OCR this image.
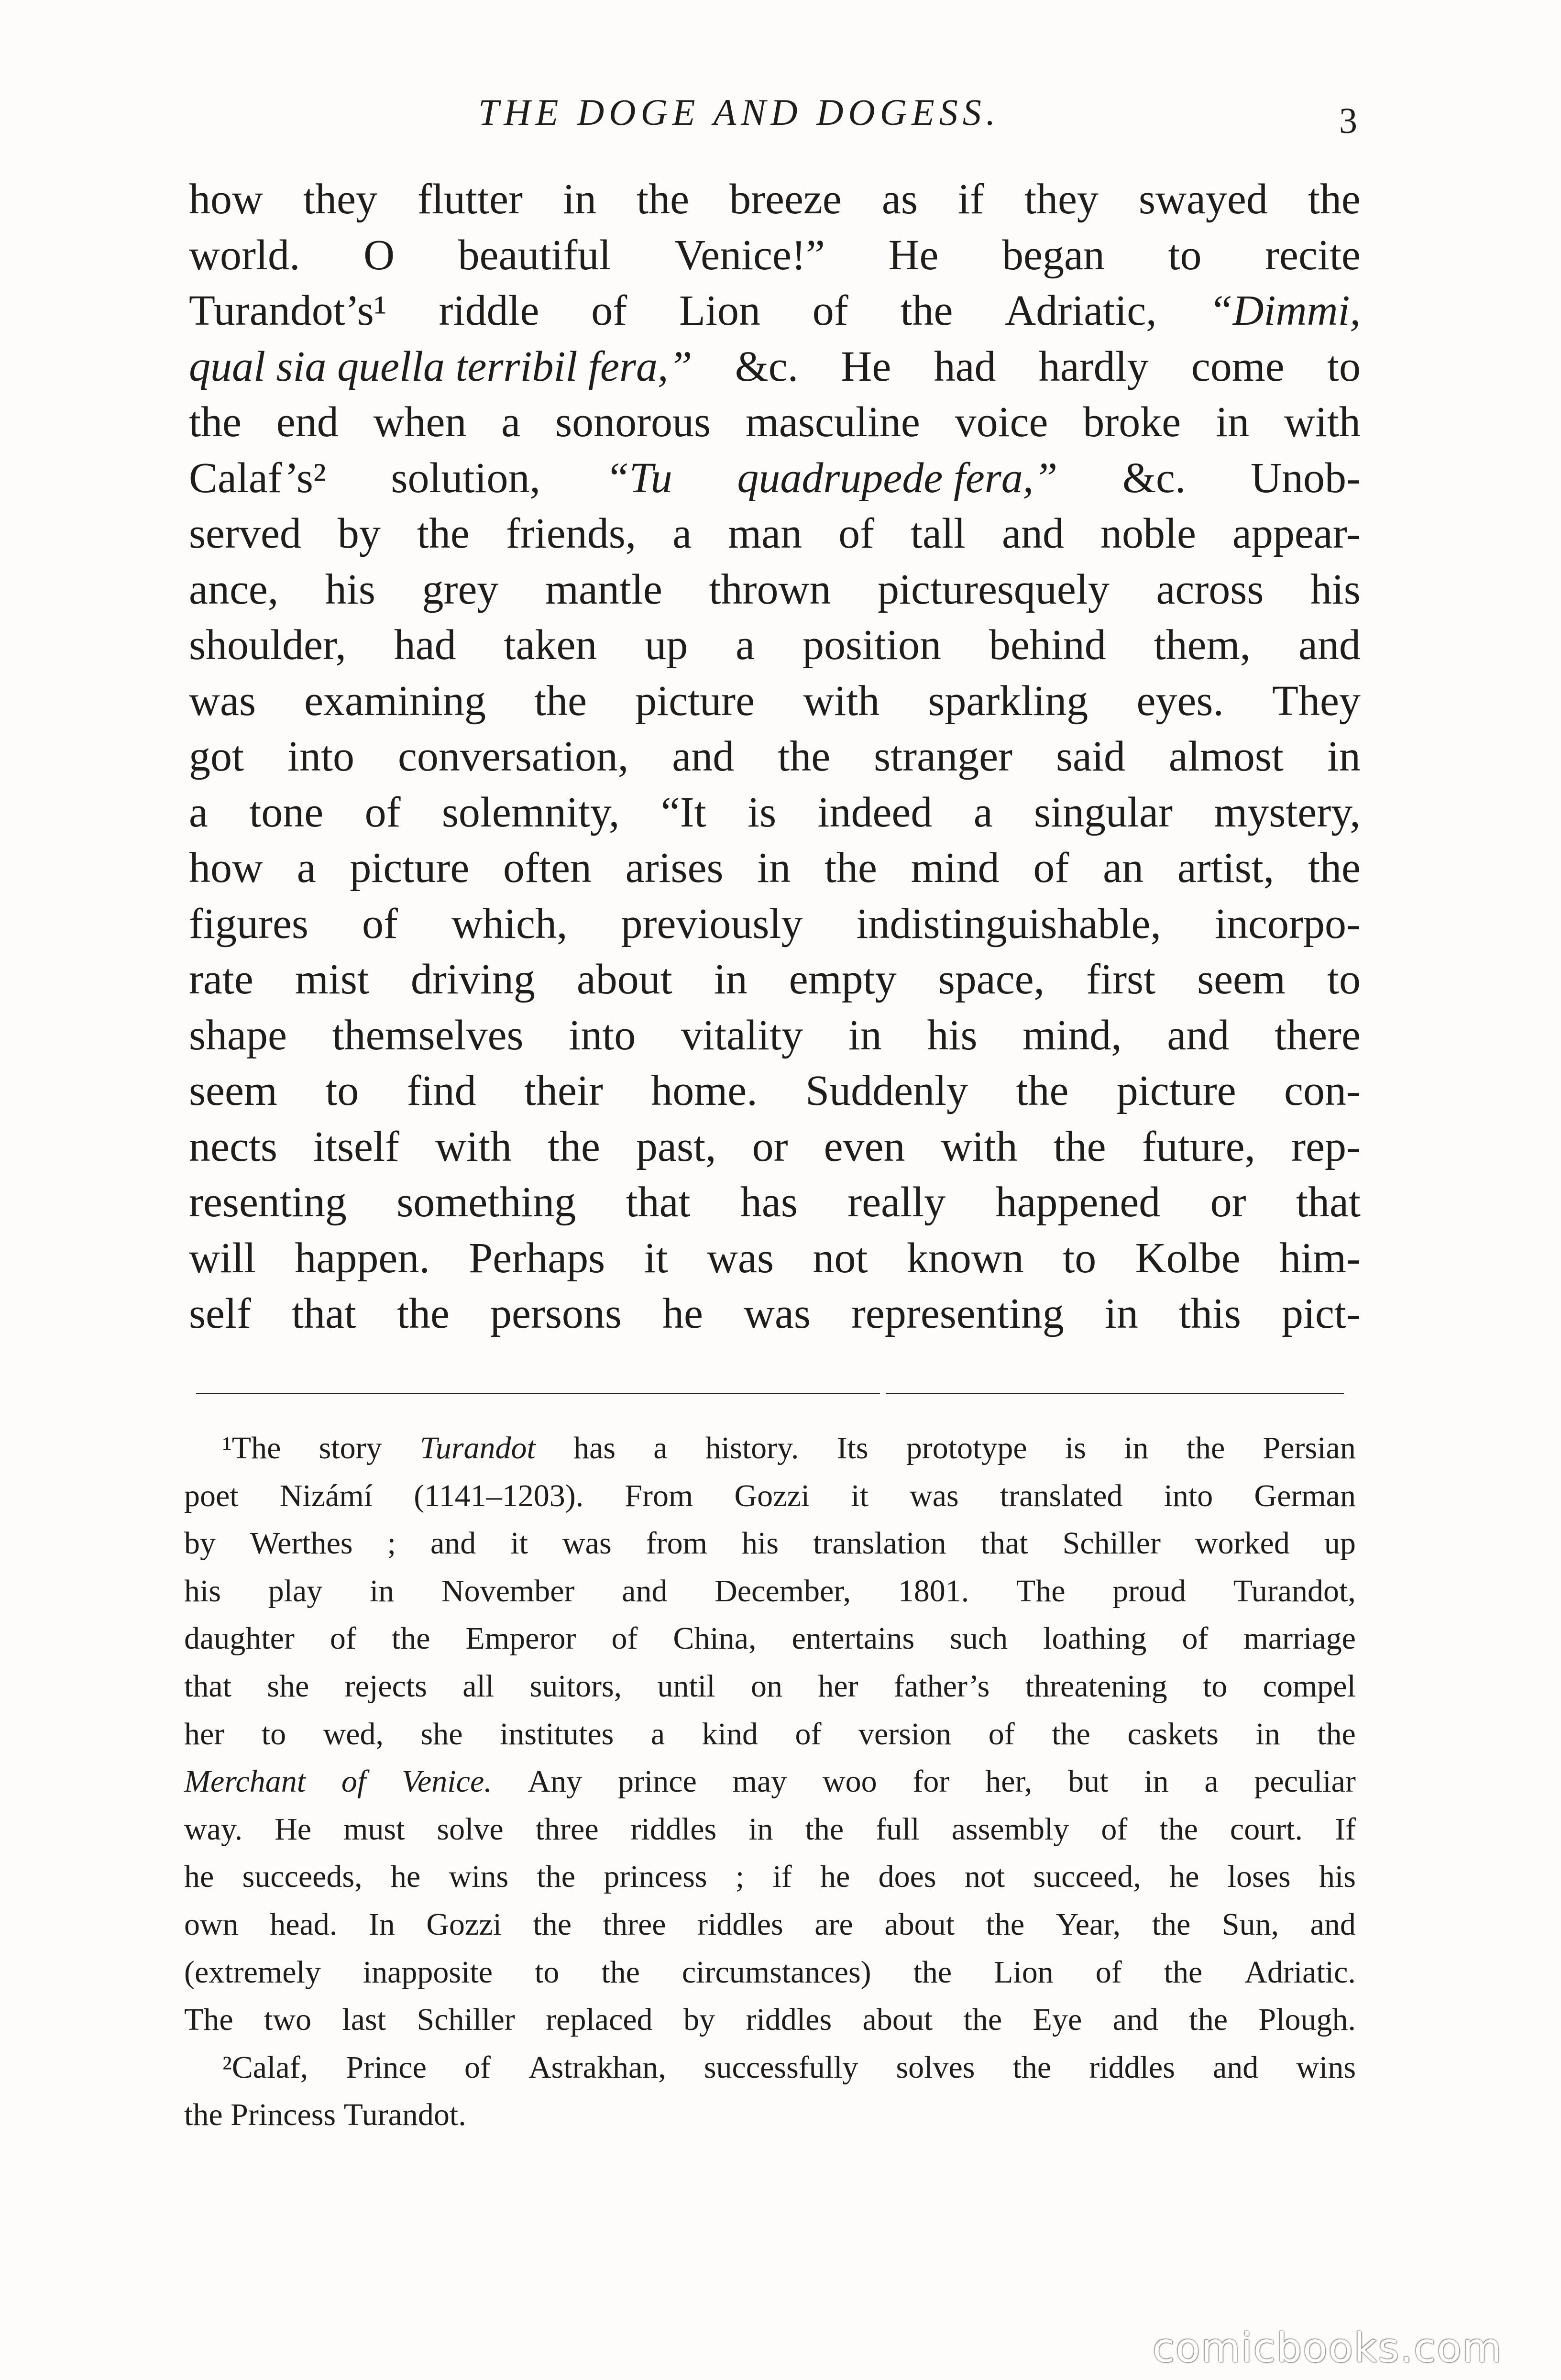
THE DOGE AND DOGESS.	3
how they flutter in the breeze as if they swayed the
world. O beautiful Venice!” He began to recite
Turandot’s¹ riddle of Lion of the Adriatic, “Dimmi,
qual sia quella terribil fera,” &c. He had hardly come to
the end when a sonorous masculine voice broke in with
Calaf’s² solution, “Tu quadrupede fera,” &c. Unob-
served by the friends, a man of tall and noble appear-
ance, his grey mantle thrown picturesquely across his
shoulder, had taken up a position behind them, and
was examining the picture with sparkling eyes. They
got into conversation, and the stranger said almost in
a tone of solemnity, “It is indeed a singular mystery,
how a picture often arises in the mind of an artist, the
figures of which, previously indistinguishable, incorpo-
rate mist driving about in empty space, first seem to
shape themselves into vitality in his mind, and there
seem to find their home. Suddenly the picture con-
nects itself with the past, or even with the future, rep-
resenting something that has really happened or that
will happen. Perhaps it was not known to Kolbe him-
self that the persons he was representing in this pict-
¹The story Turandot has a history. Its prototype is in the Persian
poet Nizámí (1141–1203). From Gozzi it was translated into German
by Werthes ; and it was from his translation that Schiller worked up
his play in November and December, 1801. The proud Turandot,
daughter of the Emperor of China, entertains such loathing of marriage
that she rejects all suitors, until on her father’s threatening to compel
her to wed, she institutes a kind of version of the caskets in the
Merchant of Venice. Any prince may woo for her, but in a peculiar
way. He must solve three riddles in the full assembly of the court. If
he succeeds, he wins the princess ; if he does not succeed, he loses his
own head. In Gozzi the three riddles are about the Year, the Sun, and
(extremely inapposite to the circumstances) the Lion of the Adriatic.
The two last Schiller replaced by riddles about the Eye and the Plough.
²Calaf, Prince of Astrakhan, successfully solves the riddles and wins
the Princess Turandot.
comicbooks.com
